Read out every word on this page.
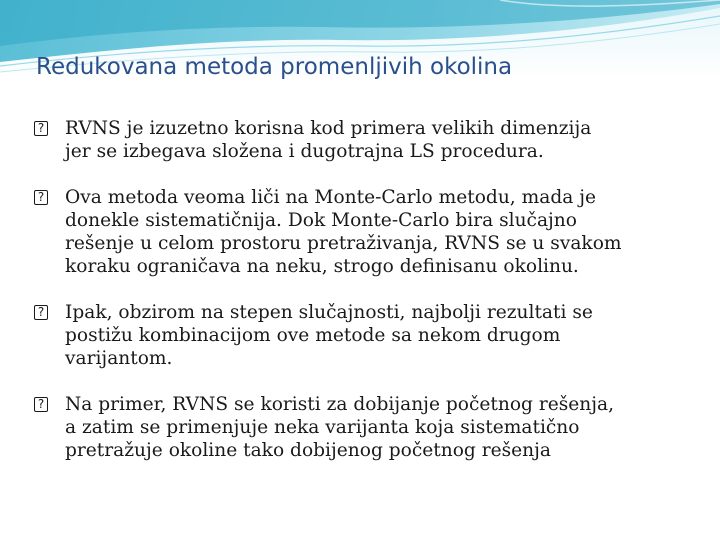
Redukovana metoda promenljivih okolina
? RVNS je izuzetno korisna kod primera velikih dimenzija
jer se izbegava složena i dugotrajna LS procedura.
? Ova metoda veoma liči na Monte-Carlo metodu, mada je
donekle sistematičnija. Dok Monte-Carlo bira slučajno
rešenje u celom prostoru pretraživanja, RVNS se u svakom
koraku ograničava na neku, strogo definisanu okolinu.
? Ipak, obzirom na stepen slučajnosti, najbolji rezultati se
postižu kombinacijom ove metode sa nekom drugom
varijantom.
? Na primer, RVNS se koristi za dobijanje početnog rešenja,
a zatim se primenjuje neka varijanta koja sistematično
pretražuje okoline tako dobijenog početnog rešenja
